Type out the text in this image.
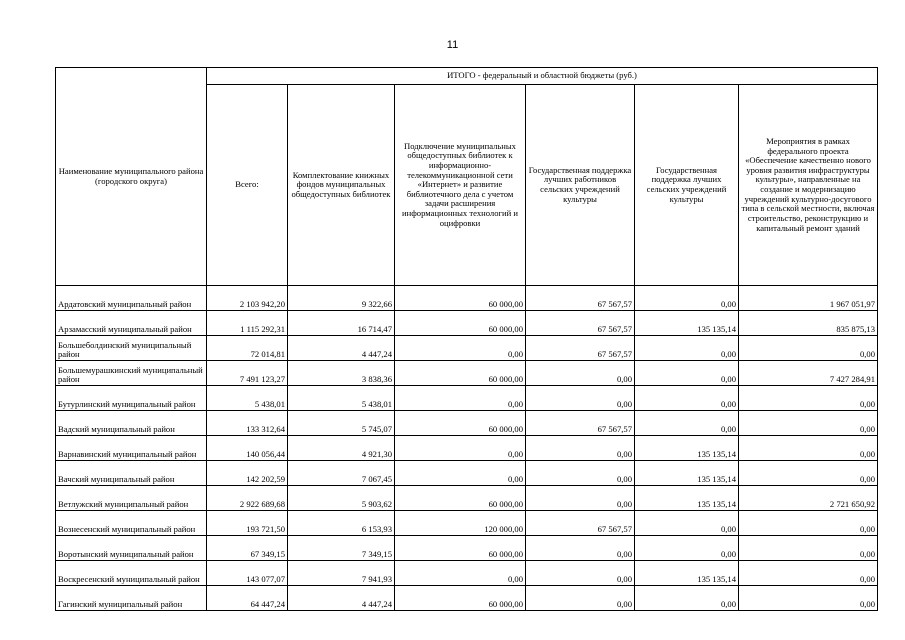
11
Наименование муниципального района (городского округа)	ИТОГО - федеральный и областной бюджеты (руб.)					
	Всего:	Комплектование книжных фондов муниципальных общедоступных библиотек	Подключение муниципальных общедоступных библиотек к информационно-телекоммуникационной сети «Интернет» и развитие библиотечного дела с учетом задачи расширения информационных технологий и оцифровки	Государственная поддержка лучших работников сельских учреждений культуры	Государственная поддержка лучших сельских учреждений культуры	Мероприятия в рамках федерального проекта «Обеспечение качественно нового уровня развития инфраструктуры культуры», направленные на создание и модернизацию учреждений культурно-досугового типа в сельской местности, включая строительство, реконструкцию и капитальный ремонт зданий
Ардатовский муниципальный район	2 103 942,20	9 322,66	60 000,00	67 567,57	0,00	1 967 051,97
Арзамасский муниципальный район	1 115 292,31	16 714,47	60 000,00	67 567,57	135 135,14	835 875,13
Большеболдинский муниципальный район	72 014,81	4 447,24	0,00	67 567,57	0,00	0,00
Большемурашкинский муниципальный район	7 491 123,27	3 838,36	60 000,00	0,00	0,00	7 427 284,91
Бутурлинский муниципальный район	5 438,01	5 438,01	0,00	0,00	0,00	0,00
Вадский муниципальный район	133 312,64	5 745,07	60 000,00	67 567,57	0,00	0,00
Варнавинский муниципальный район	140 056,44	4 921,30	0,00	0,00	135 135,14	0,00
Вачский муниципальный район	142 202,59	7 067,45	0,00	0,00	135 135,14	0,00
Ветлужский муниципальный район	2 922 689,68	5 903,62	60 000,00	0,00	135 135,14	2 721 650,92
Вознесенский муниципальный район	193 721,50	6 153,93	120 000,00	67 567,57	0,00	0,00
Воротынский муниципальный район	67 349,15	7 349,15	60 000,00	0,00	0,00	0,00
Воскресенский муниципальный район	143 077,07	7 941,93	0,00	0,00	135 135,14	0,00
Гагинский муниципальный район	64 447,24	4 447,24	60 000,00	0,00	0,00	0,00
